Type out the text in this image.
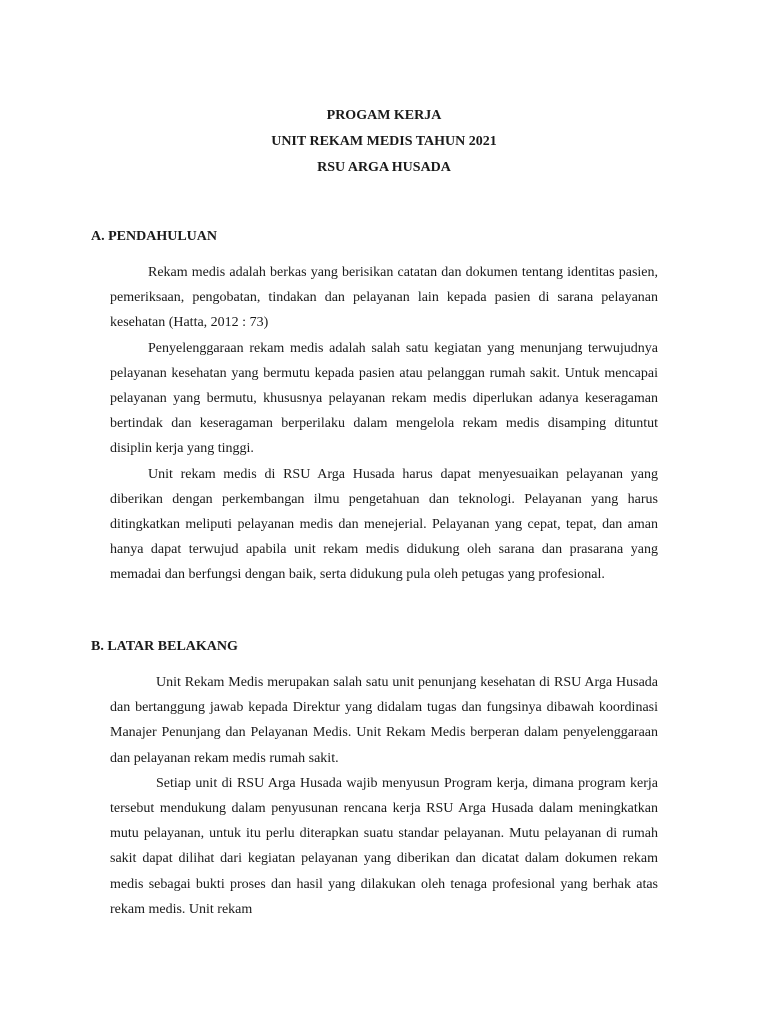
PROGAM KERJA
UNIT REKAM MEDIS TAHUN 2021
RSU ARGA HUSADA
A. PENDAHULUAN

Rekam medis adalah berkas yang berisikan catatan dan dokumen tentang identitas pasien, pemeriksaan, pengobatan, tindakan dan pelayanan lain kepada pasien di sarana pelayanan kesehatan (Hatta, 2012 : 73)

Penyelenggaraan rekam medis adalah salah satu kegiatan yang menunjang terwujudnya pelayanan kesehatan yang bermutu kepada pasien atau pelanggan rumah sakit. Untuk mencapai pelayanan yang bermutu, khususnya pelayanan rekam medis diperlukan adanya keseragaman bertindak dan keseragaman berperilaku dalam mengelola rekam medis disamping dituntut disiplin kerja yang tinggi.

Unit rekam medis di RSU Arga Husada harus dapat menyesuaikan pelayanan yang diberikan dengan perkembangan ilmu pengetahuan dan teknologi. Pelayanan yang harus ditingkatkan meliputi pelayanan medis dan menejerial. Pelayanan yang cepat, tepat, dan aman hanya dapat terwujud apabila unit rekam medis didukung oleh sarana dan prasarana yang memadai dan berfungsi dengan baik, serta didukung pula oleh petugas yang profesional.

B. LATAR BELAKANG

Unit Rekam Medis merupakan salah satu unit penunjang kesehatan di RSU Arga Husada dan bertanggung jawab kepada Direktur yang didalam tugas dan fungsinya dibawah koordinasi Manajer Penunjang dan Pelayanan Medis. Unit Rekam Medis berperan dalam penyelenggaraan dan pelayanan rekam medis rumah sakit.

Setiap unit di RSU Arga Husada wajib menyusun Program kerja, dimana program kerja tersebut mendukung dalam penyusunan rencana kerja RSU Arga Husada dalam meningkatkan mutu pelayanan, untuk itu perlu diterapkan suatu standar pelayanan. Mutu pelayanan di rumah sakit dapat dilihat dari kegiatan pelayanan yang diberikan dan dicatat dalam dokumen rekam medis sebagai bukti proses dan hasil yang dilakukan oleh tenaga profesional yang berhak atas rekam medis. Unit rekam
